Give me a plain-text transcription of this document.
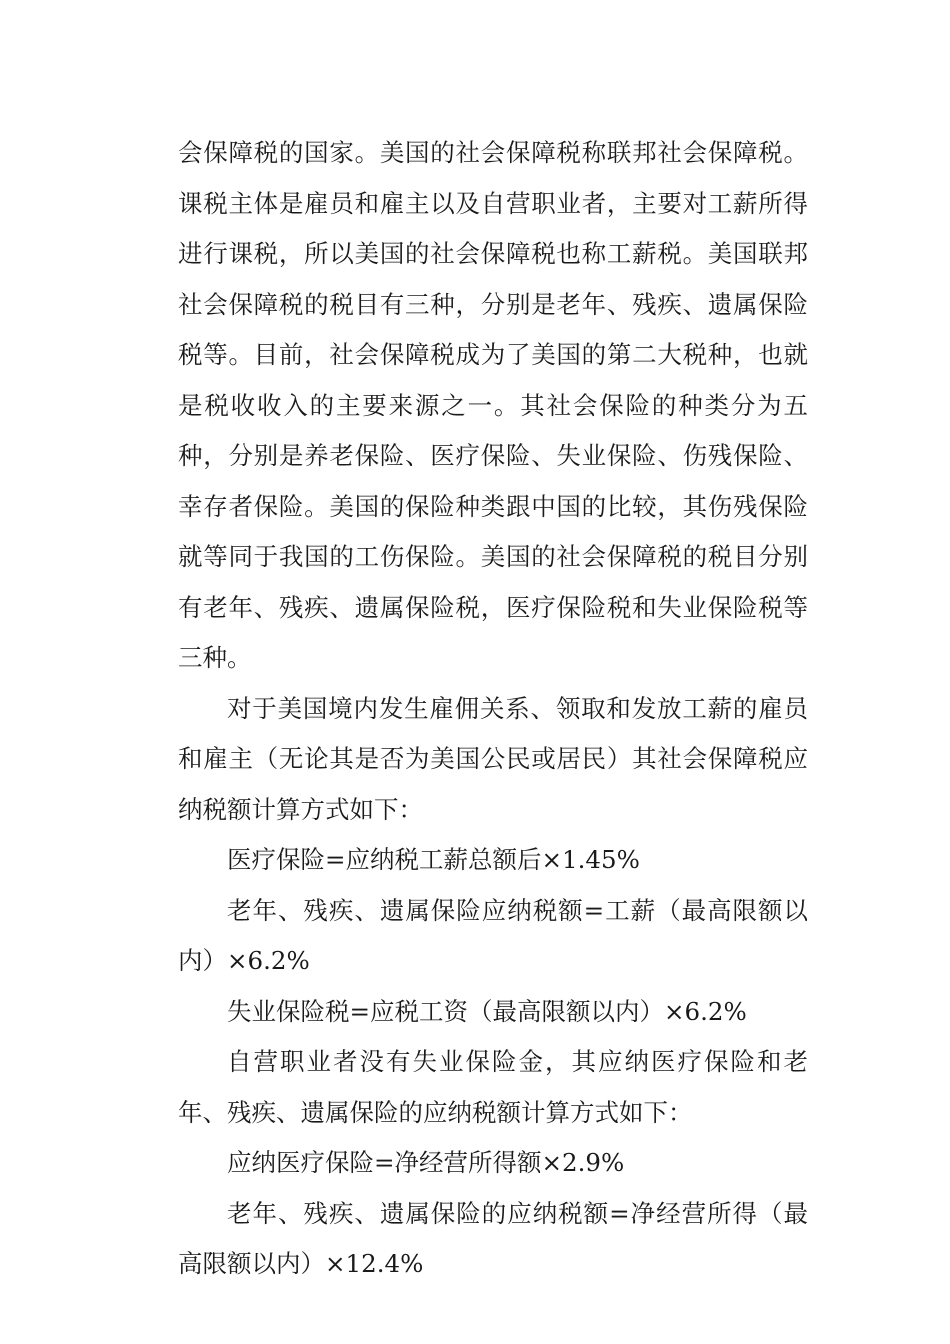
会保障税的国家。美国的社会保障税称联邦社会保障税。课税主体是雇员和雇主以及自营职业者，主要对工薪所得进行课税，所以美国的社会保障税也称工薪税。美国联邦社会保障税的税目有三种，分别是老年、残疾、遗属保险税等。目前，社会保障税成为了美国的第二大税种，也就是税收收入的主要来源之一。其社会保险的种类分为五种，分别是养老保险、医疗保险、失业保险、伤残保险、幸存者保险。美国的保险种类跟中国的比较，其伤残保险就等同于我国的工伤保险。美国的社会保障税的税目分别有老年、残疾、遗属保险税，医疗保险税和失业保险税等三种。

对于美国境内发生雇佣关系、领取和发放工薪的雇员和雇主（无论其是否为美国公民或居民）其社会保障税应纳税额计算方式如下：

医疗保险=应纳税工薪总额后×1.45%

老年、残疾、遗属保险应纳税额=工薪（最高限额以内）×6.2%

失业保险税=应税工资（最高限额以内）×6.2%

自营职业者没有失业保险金，其应纳医疗保险和老年、残疾、遗属保险的应纳税额计算方式如下：

应纳医疗保险=净经营所得额×2.9%

老年、残疾、遗属保险的应纳税额=净经营所得（最高限额以内）×12.4%
